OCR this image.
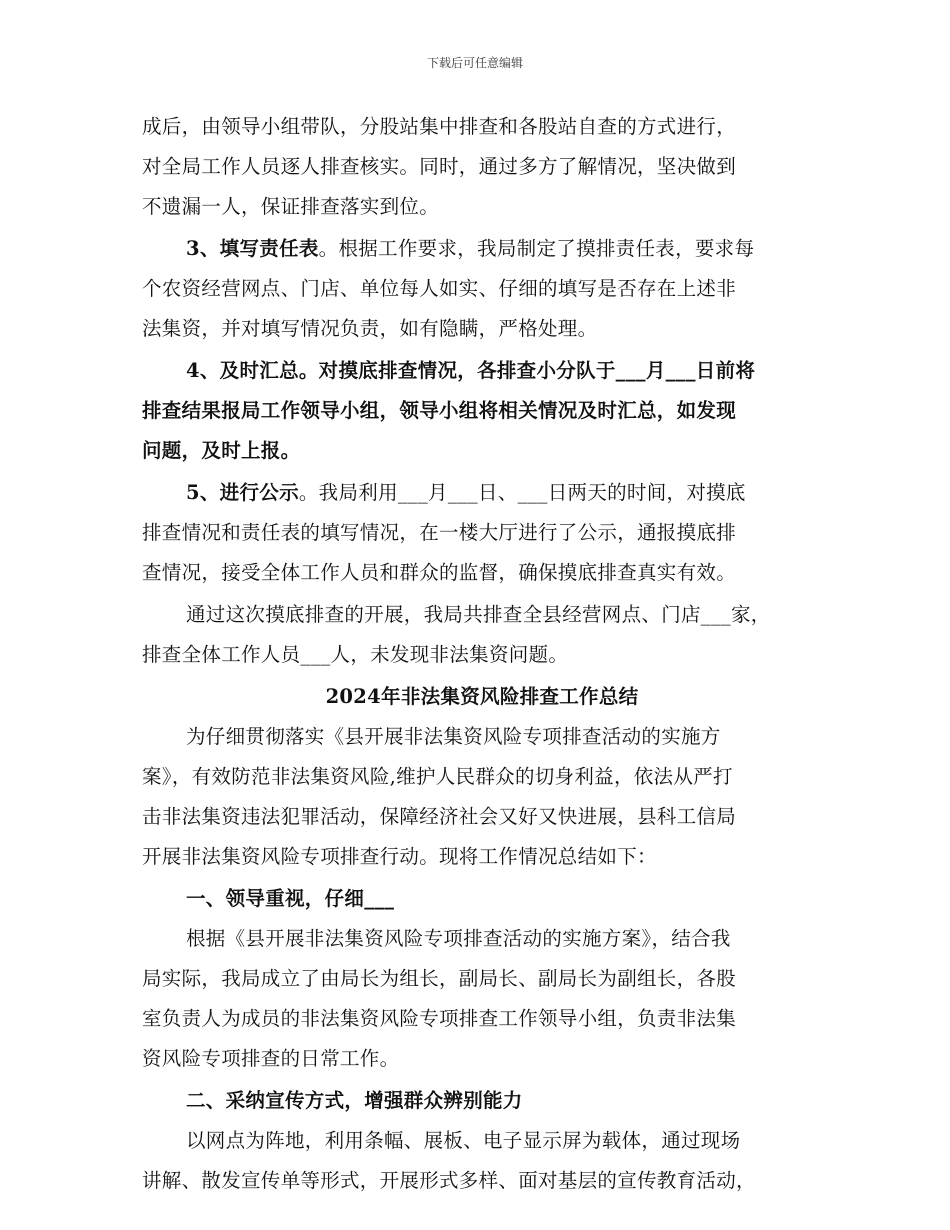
下载后可任意编辑
成后，由领导小组带队，分股站集中排查和各股站自查的方式进行，
对全局工作人员逐人排查核实。同时，通过多方了解情况，坚决做到
不遗漏一人，保证排查落实到位。
3、填写责任表。根据工作要求，我局制定了摸排责任表，要求每
个农资经营网点、门店、单位每人如实、仔细的填写是否存在上述非
法集资，并对填写情况负责，如有隐瞒，严格处理。
4、及时汇总。对摸底排查情况，各排查小分队于___月___日前将
排查结果报局工作领导小组，领导小组将相关情况及时汇总，如发现
问题，及时上报。
5、进行公示。我局利用___月___日、___日两天的时间，对摸底
排查情况和责任表的填写情况，在一楼大厅进行了公示，通报摸底排
查情况，接受全体工作人员和群众的监督，确保摸底排查真实有效。
通过这次摸底排查的开展，我局共排查全县经营网点、门店___家，
排查全体工作人员___人，未发现非法集资问题。
2024年非法集资风险排查工作总结
为仔细贯彻落实《县开展非法集资风险专项排查活动的实施方
案》，有效防范非法集资风险,维护人民群众的切身利益，依法从严打
击非法集资违法犯罪活动，保障经济社会又好又快进展，县科工信局
开展非法集资风险专项排查行动。现将工作情况总结如下：
一、领导重视，仔细___
根据《县开展非法集资风险专项排查活动的实施方案》，结合我
局实际，我局成立了由局长为组长，副局长、副局长为副组长，各股
室负责人为成员的非法集资风险专项排查工作领导小组，负责非法集
资风险专项排查的日常工作。
二、采纳宣传方式，增强群众辨别能力
以网点为阵地，利用条幅、展板、电子显示屏为载体，通过现场
讲解、散发宣传单等形式，开展形式多样、面对基层的宣传教育活动，
